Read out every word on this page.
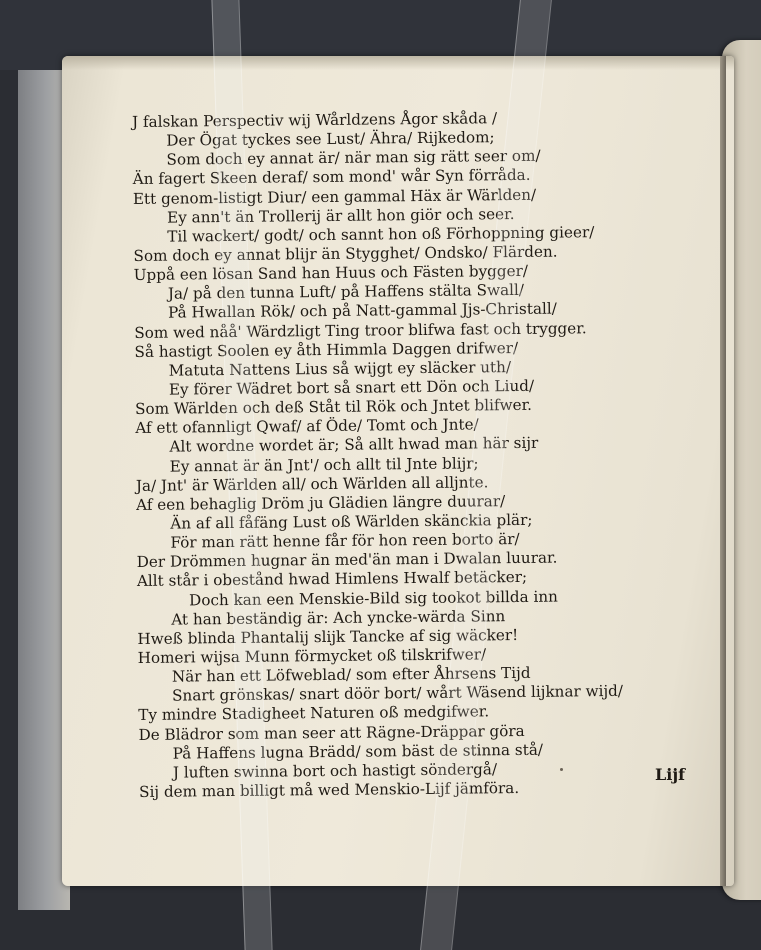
J falskan Perspectiv wij Wårldzens Ågor skåda /
Der Ögat tyckes see Lust/ Ähra/ Rijkedom;
Som doch ey annat är/ när man sig rätt seer om/
Än fagert Skeen deraf/ som mond' wår Syn förråda.
Ett genom-listigt Diur/ een gammal Häx är Wärlden/
Ey ann't än Trollerij är allt hon giör och seer.
Til wackert/ godt/ och sannt hon oß Förhoppning gieer/
Som doch ey annat blijr än Stygghet/ Ondsko/ Flärden.
Uppå een lösan Sand han Huus och Fästen bygger/
Ja/ på den tunna Luft/ på Haffens stälta Swall/
På Hwallan Rök/ och på Natt-gammal Jjs-Christall/
Som wed nåå' Wärdzligt Ting troor blifwa fast och trygger.
Så hastigt Soolen ey åth Himmla Daggen drifwer/
Matuta Nattens Lius så wijgt ey släcker uth/
Ey förer Wädret bort så snart ett Dön och Liud/
Som Wärlden och deß Ståt til Rök och Jntet blifwer.
Af ett ofannligt Qwaf/ af Öde/ Tomt och Jnte/
Alt wordne wordet är; Så allt hwad man här sijr
Ey annat är än Jnt'/ och allt til Jnte blijr;
Ja/ Jnt' är Wärlden all/ och Wärlden all alljnte.
Af een behaglig Dröm ju Glädien längre duurar/
Än af all fåfäng Lust oß Wärlden skänckia plär;
För man rätt henne får för hon reen borto är/
Der Drömmen hugnar än med'än man i Dwalan luurar.
Allt står i obestånd hwad Himlens Hwalf betäcker;
Doch kan een Menskie-Bild sig tookot billda inn
At han beständig är: Ach yncke-wärda Sinn
Hweß blinda Phantalij slijk Tancke af sig wäcker!
Homeri wijsa Munn förmycket oß tilskrifwer/
När han ett Löfweblad/ som efter Åhrsens Tijd
Snart grönskas/ snart döör bort/ wårt Wäsend lijknar wijd/
Ty mindre Stadigheet Naturen oß medgifwer.
De Blädror som man seer att Rägne-Dräppar göra
På Haffens lugna Brädd/ som bäst de stinna stå/
J luften swinna bort och hastigt söndergå/
Sij dem man billigt må wed Menskio-Lijf jämföra.
Lijf
